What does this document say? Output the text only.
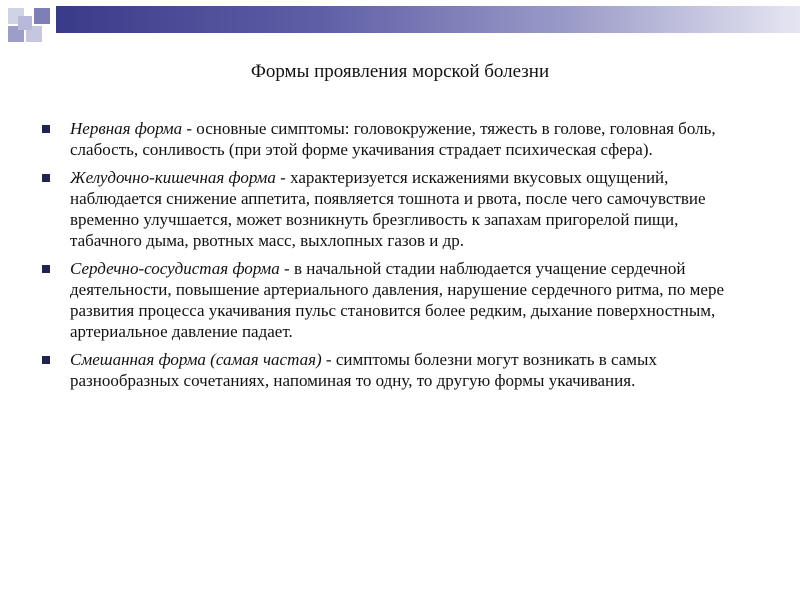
Формы проявления морской болезни
Нервная форма - основные симптомы: головокружение, тяжесть в голове, головная боль, слабость, сонливость (при этой форме укачивания страдает психическая сфера).
Желудочно-кишечная форма - характеризуется искажениями вкусовых ощущений, наблюдается снижение аппетита, появляется тошнота и рвота, после чего самочувствие временно улучшается, может возникнуть брезгливость к запахам пригорелой пищи, табачного дыма, рвотных масс, выхлопных газов и др.
Сердечно-сосудистая форма - в начальной стадии наблюдается учащение сердечной деятельности, повышение артериального давления, нарушение сердечного ритма, по мере развития процесса укачивания пульс становится более редким, дыхание поверхностным, артериальное давление падает.
Смешанная форма (самая частая) - симптомы болезни могут возникать в самых разнообразных сочетаниях, напоминая то одну, то другую формы укачивания.
